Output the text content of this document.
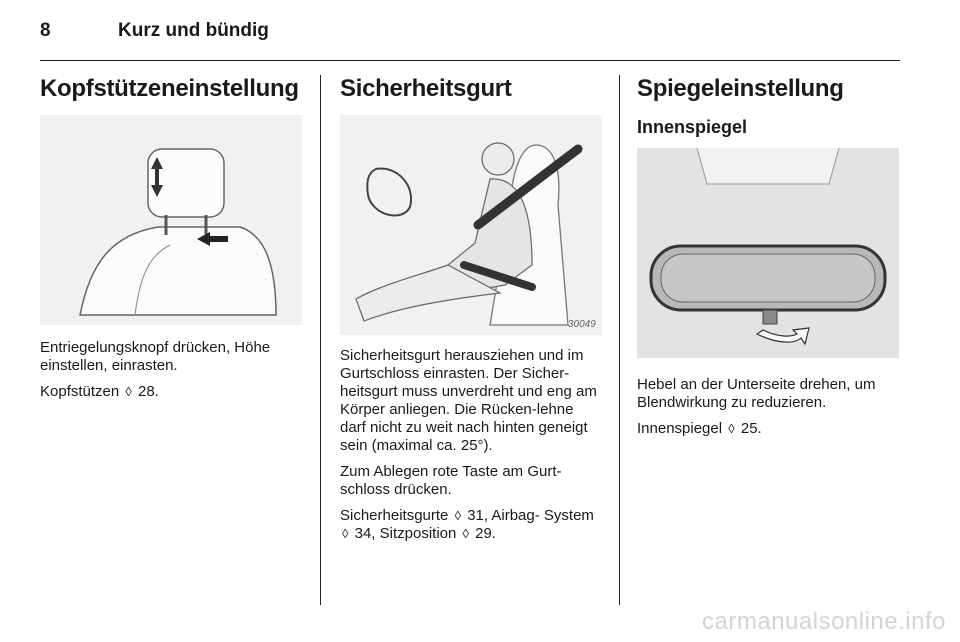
8	Kurz und bündig
Kopfstützeneinstellung

Entriegelungsknopf drücken, Höhe einstellen, einrasten.

Kopfstützen ◊ 28.

Sicherheitsgurt
30049

Sicherheitsgurt herausziehen und im Gurtschloss einrasten. Der Sicher-heitsgurt muss unverdreht und eng am Körper anliegen. Die Rücken-lehne darf nicht zu weit nach hinten geneigt sein (maximal ca. 25°).

Zum Ablegen rote Taste am Gurt-schloss drücken.

Sicherheitsgurte ◊ 31, Airbag- System ◊ 34, Sitzposition ◊ 29.

Spiegeleinstellung
Innenspiegel

Hebel an der Unterseite drehen, um Blendwirkung zu reduzieren.

Innenspiegel ◊ 25.

carmanualsonline.info
